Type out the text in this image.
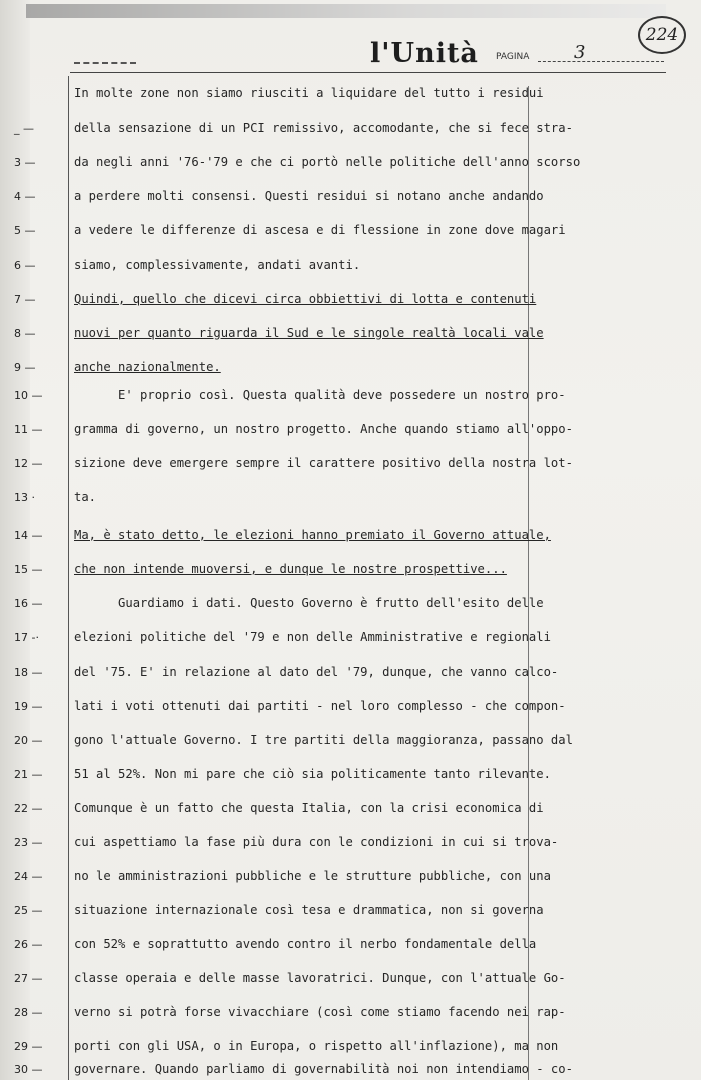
224
l'Unità PAGINA 3
In molte zone non siamo riusciti a liquidare del tutto i residui
_ —	della sensazione di un PCI remissivo, accomodante, che si fece stra-
3 —	da negli anni '76-'79 e che ci portò nelle politiche dell'anno scorso
4 —	a perdere molti consensi. Questi residui si notano anche andando
5 —	a vedere le differenze di ascesa e di flessione in zone dove magari
6 —	siamo, complessivamente, andati avanti.
7 —	Quindi, quello che dicevi circa obbiettivi di lotta e contenuti
8 —	nuovi per quanto riguarda il Sud e le singole realtà locali vale
9 —	anche nazionalmente.
10 —	E' proprio così. Questa qualità deve possedere un nostro pro-
11 —	gramma di governo, un nostro progetto. Anche quando stiamo all'oppo-
12 —	sizione deve emergere sempre il carattere positivo della nostra lot-
13 ·	ta.
14 —	Ma, è stato detto, le elezioni hanno premiato il Governo attuale,
15 —	che non intende muoversi, e dunque le nostre prospettive...
16 —	Guardiamo i dati. Questo Governo è frutto dell'esito delle
17 -·	elezioni politiche del '79 e non delle Amministrative e regionali
18 —	del '75. E' in relazione al dato del '79, dunque, che vanno calco-
19 —	lati i voti ottenuti dai partiti - nel loro complesso - che compon-
20 —	gono l'attuale Governo. I tre partiti della maggioranza, passano dal
21 —	51 al 52%. Non mi pare che ciò sia politicamente tanto rilevante.
22 —	Comunque è un fatto che questa Italia, con la crisi economica di
23 —	cui aspettiamo la fase più dura con le condizioni in cui si trova-
24 —	no le amministrazioni pubbliche e le strutture pubbliche, con una
25 —	situazione internazionale così tesa e drammatica, non si governa
26 —	con 52% e soprattutto avendo contro il nerbo fondamentale della
27 —	classe operaia e delle masse lavoratrici. Dunque, con l'attuale Go-
28 —	verno si potrà forse vivacchiare (così come stiamo facendo nei rap-
29 —	porti con gli USA, o in Europa, o rispetto all'inflazione), ma non
30 —	governare. Quando parliamo di governabilità noi non intendiamo - co-
